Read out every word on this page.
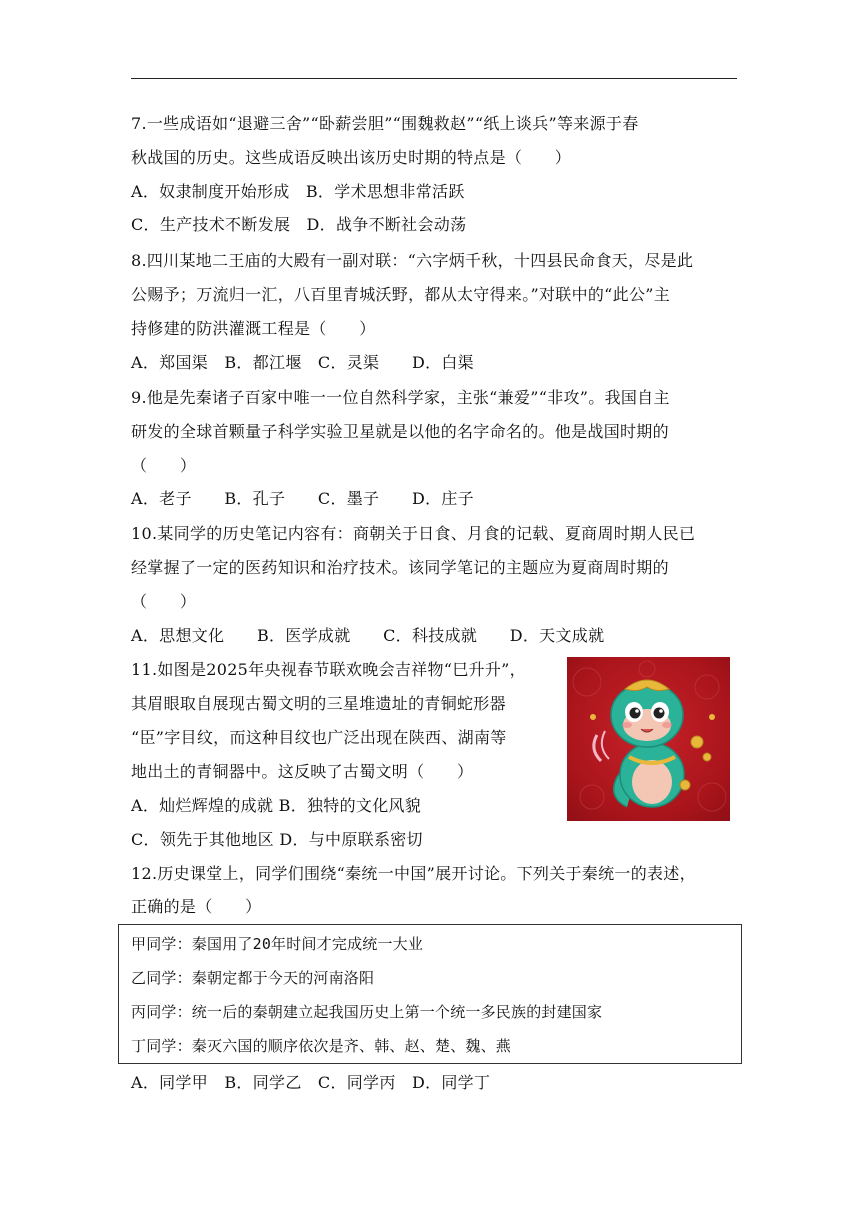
7.一些成语如“退避三舍”“卧薪尝胆”“围魏救赵”“纸上谈兵”等来源于春
秋战国的历史。这些成语反映出该历史时期的特点是（　　）
A．奴隶制度开始形成　B．学术思想非常活跃
C．生产技术不断发展　D．战争不断社会动荡
8.四川某地二王庙的大殿有一副对联：“六字炳千秋，十四县民命食天，尽是此
公赐予；万流归一汇，八百里青城沃野，都从太守得来。”对联中的“此公”主
持修建的防洪灌溉工程是（　　）
A．郑国渠　B．都江堰　C．灵渠　　D．白渠
9.他是先秦诸子百家中唯一一位自然科学家，主张“兼爱”“非攻”。我国自主
研发的全球首颗量子科学实验卫星就是以他的名字命名的。他是战国时期的
（　　）
A．老子　　B．孔子　　C．墨子　　D．庄子
10.某同学的历史笔记内容有：商朝关于日食、月食的记载、夏商周时期人民已
经掌握了一定的医药知识和治疗技术。该同学笔记的主题应为夏商周时期的
（　　）
A．思想文化　　B．医学成就　　C．科技成就　　D．天文成就
11.如图是2025年央视春节联欢晚会吉祥物“巳升升”，
其眉眼取自展现古蜀文明的三星堆遗址的青铜蛇形器
“臣”字目纹，而这种目纹也广泛出现在陕西、湖南等
地出土的青铜器中。这反映了古蜀文明（　　）
A．灿烂辉煌的成就 B．独特的文化风貌
C．领先于其他地区 D．与中原联系密切
12.历史课堂上，同学们围绕“秦统一中国”展开讨论。下列关于秦统一的表述，
正确的是（　　）
甲同学：秦国用了20年时间才完成统一大业
乙同学：秦朝定都于今天的河南洛阳
丙同学：统一后的秦朝建立起我国历史上第一个统一多民族的封建国家
丁同学：秦灭六国的顺序依次是齐、韩、赵、楚、魏、燕
A．同学甲　B．同学乙　C．同学丙　D．同学丁
